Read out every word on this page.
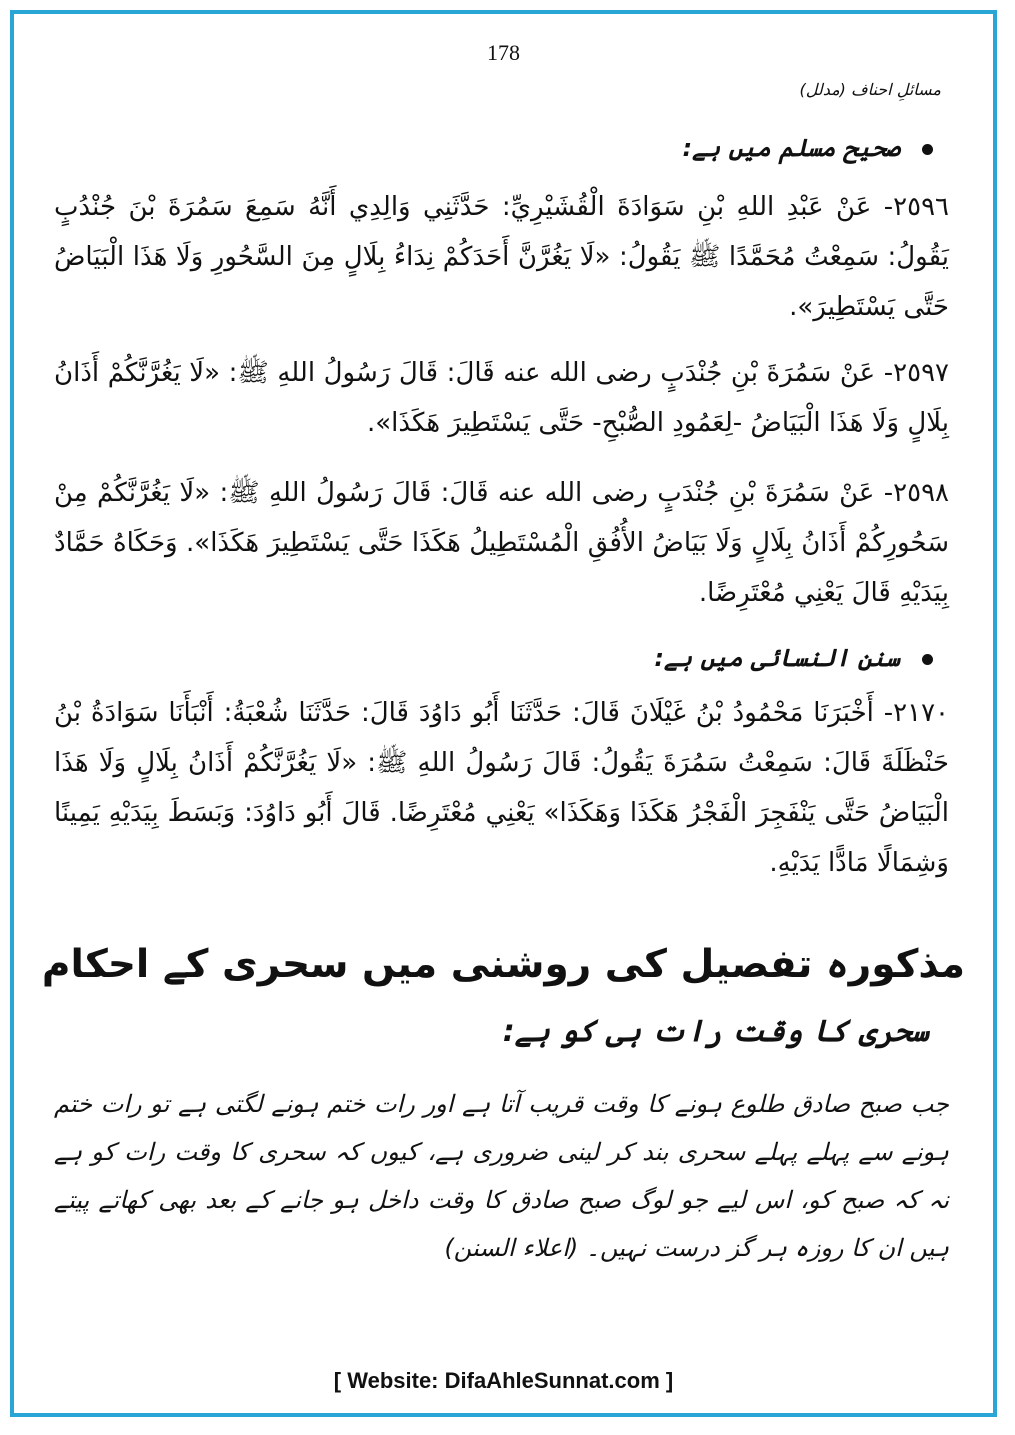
178
مسائلِ احناف (مدلل)
صحیح مسلم میں ہے:
٢٥٩٦- عَنْ عَبْدِ اللهِ بْنِ سَوَادَةَ الْقُشَيْرِيِّ: حَدَّثَنِي وَالِدِي أَنَّهُ سَمِعَ سَمُرَةَ بْنَ جُنْدُبٍ يَقُولُ: سَمِعْتُ مُحَمَّدًا ﷺ يَقُولُ: «لَا يَغُرَّنَّ أَحَدَكُمْ نِدَاءُ بِلَالٍ مِنَ السَّحُورِ وَلَا هَذَا الْبَيَاضُ حَتَّى يَسْتَطِيرَ».
٢٥٩٧- عَنْ سَمُرَةَ بْنِ جُنْدَبٍ رضى الله عنه قَالَ: قَالَ رَسُولُ اللهِ ﷺ: «لَا يَغُرَّنَّكُمْ أَذَانُ بِلَالٍ وَلَا هَذَا الْبَيَاضُ -لِعَمُودِ الصُّبْحِ- حَتَّى يَسْتَطِيرَ هَكَذَا».
٢٥٩٨- عَنْ سَمُرَةَ بْنِ جُنْدَبٍ رضى الله عنه قَالَ: قَالَ رَسُولُ اللهِ ﷺ: «لَا يَغُرَّنَّكُمْ مِنْ سَحُورِكُمْ أَذَانُ بِلَالٍ وَلَا بَيَاضُ الأُفُقِ الْمُسْتَطِيلُ هَكَذَا حَتَّى يَسْتَطِيرَ هَكَذَا». وَحَكَاهُ حَمَّادٌ بِيَدَيْهِ قَالَ يَعْنِي مُعْتَرِضًا.
سنن النسائی میں ہے:
٢١٧٠- أَخْبَرَنَا مَحْمُودُ بْنُ غَيْلَانَ قَالَ: حَدَّثَنَا أَبُو دَاوُدَ قَالَ: حَدَّثَنَا شُعْبَةُ: أَنْبَأَنَا سَوَادَةُ بْنُ حَنْظَلَةَ قَالَ: سَمِعْتُ سَمُرَةَ يَقُولُ: قَالَ رَسُولُ اللهِ ﷺ: «لَا يَغُرَّنَّكُمْ أَذَانُ بِلَالٍ وَلَا هَذَا الْبَيَاضُ حَتَّى يَنْفَجِرَ الْفَجْرُ هَكَذَا وَهَكَذَا» يَعْنِي مُعْتَرِضًا. قَالَ أَبُو دَاوُدَ: وَبَسَطَ بِيَدَيْهِ يَمِينًا وَشِمَالًا مَادًّا يَدَيْهِ.
مذکورہ تفصیل کی روشنی میں سحری کے احکام
سحری کا وقت رات ہی کو ہے:
جب صبح صادق طلوع ہونے کا وقت قریب آتا ہے اور رات ختم ہونے لگتی ہے تو رات ختم ہونے سے پہلے پہلے سحری بند کر لینی ضروری ہے، کیوں کہ سحری کا وقت رات کو ہے نہ کہ صبح کو، اس لیے جو لوگ صبح صادق کا وقت داخل ہو جانے کے بعد بھی کھاتے پیتے ہیں ان کا روزہ ہر گز درست نہیں۔ (اعلاء السنن)
[ Website: DifaAhleSunnat.com ]
